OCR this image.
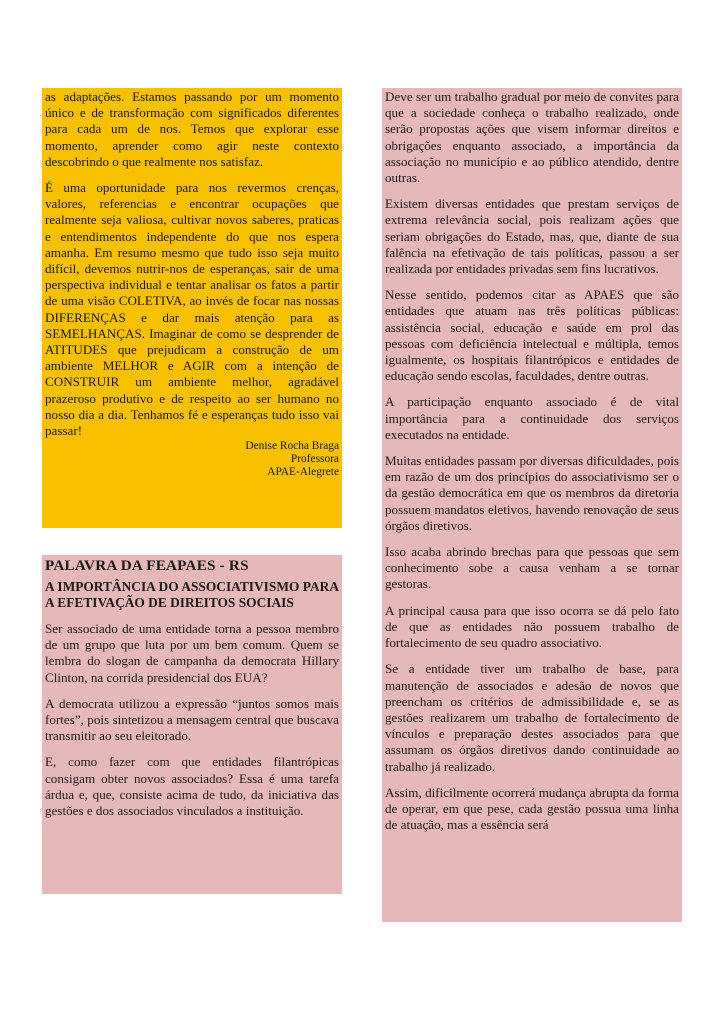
as adaptações. Estamos passando por um momento único e de transformação com significados diferentes para cada um de nos. Temos que explorar esse momento, aprender como agir neste contexto descobrindo o que realmente nos satisfaz.

É uma oportunidade para nos revermos crenças, valores, referencias e encontrar ocupações que realmente seja valiosa, cultivar novos saberes, praticas e entendimentos independente do que nos espera amanha. Em resumo mesmo que tudo isso seja muito difícil, devemos nutrir-nos de esperanças, sair de uma perspectiva individual e tentar analisar os fatos a partir de uma visão COLETIVA, ao invés de focar nas nossas DIFERENÇAS e dar mais atenção para as SEMELHANÇAS. Imaginar de como se desprender de ATITUDES que prejudicam a construção de um ambiente MELHOR e AGIR com a intenção de CONSTRUIR um ambiente melhor, agradável prazeroso produtivo e de respeito ao ser humano no nosso dia a dia. Tenhamos fé e esperanças tudo isso vai passar!

Denise Rocha Braga
Professora
APAE-Alegrete
PALAVRA DA FEAPAES - RS
A IMPORTÂNCIA DO ASSOCIATIVISMO PARA A EFETIVAÇÃO DE DIREITOS SOCIAIS

Ser associado de uma entidade torna a pessoa membro de um grupo que luta por um bem comum. Quem se lembra do slogan de campanha da democrata Hillary Clinton, na corrida presidencial dos EUA?

A democrata utilizou a expressão “juntos somos mais fortes”, pois sintetizou a mensagem central que buscava transmitir ao seu eleitorado.

E, como fazer com que entidades filantrópicas consigam obter novos associados? Essa é uma tarefa árdua e, que, consiste acima de tudo, da iniciativa das gestões e dos associados vinculados a instituição.

Deve ser um trabalho gradual por meio de convites para que a sociedade conheça o trabalho realizado, onde serão propostas ações que visem informar direitos e obrigações enquanto associado, a importância da associação no município e ao público atendido, dentre outras.

Existem diversas entidades que prestam serviços de extrema relevância social, pois realizam ações que seriam obrigações do Estado, mas, que, diante de sua falência na efetivação de tais políticas, passou a ser realizada por entidades privadas sem fins lucrativos.

Nesse sentido, podemos citar as APAES que são entidades que atuam nas três políticas públicas: assistência social, educação e saúde em prol das pessoas com deficiência intelectual e múltipla, temos igualmente, os hospitais filantrópicos e entidades de educação sendo escolas, faculdades, dentre outras.

A participação enquanto associado é de vital importância para a continuidade dos serviços executados na entidade.

Muitas entidades passam por diversas dificuldades, pois em razão de um dos princípios do associativismo ser o da gestão democrática em que os membros da diretoria possuem mandatos eletivos, havendo renovação de seus órgãos diretivos.

Isso acaba abrindo brechas para que pessoas que sem conhecimento sobe a causa venham a se tornar gestoras.

A principal causa para que isso ocorra se dá pelo fato de que as entidades não possuem trabalho de fortalecimento de seu quadro associativo.

Se a entidade tiver um trabalho de base, para manutenção de associados e adesão de novos que preencham os critérios de admissibilidade e, se as gestões realizarem um trabalho de fortalecimento de vínculos e preparação destes associados para que assumam os órgãos diretivos dando continuidade ao trabalho já realizado.

Assim, dificilmente ocorrerá mudança abrupta da forma de operar, em que pese, cada gestão possua uma linha de atuação, mas a essência será
